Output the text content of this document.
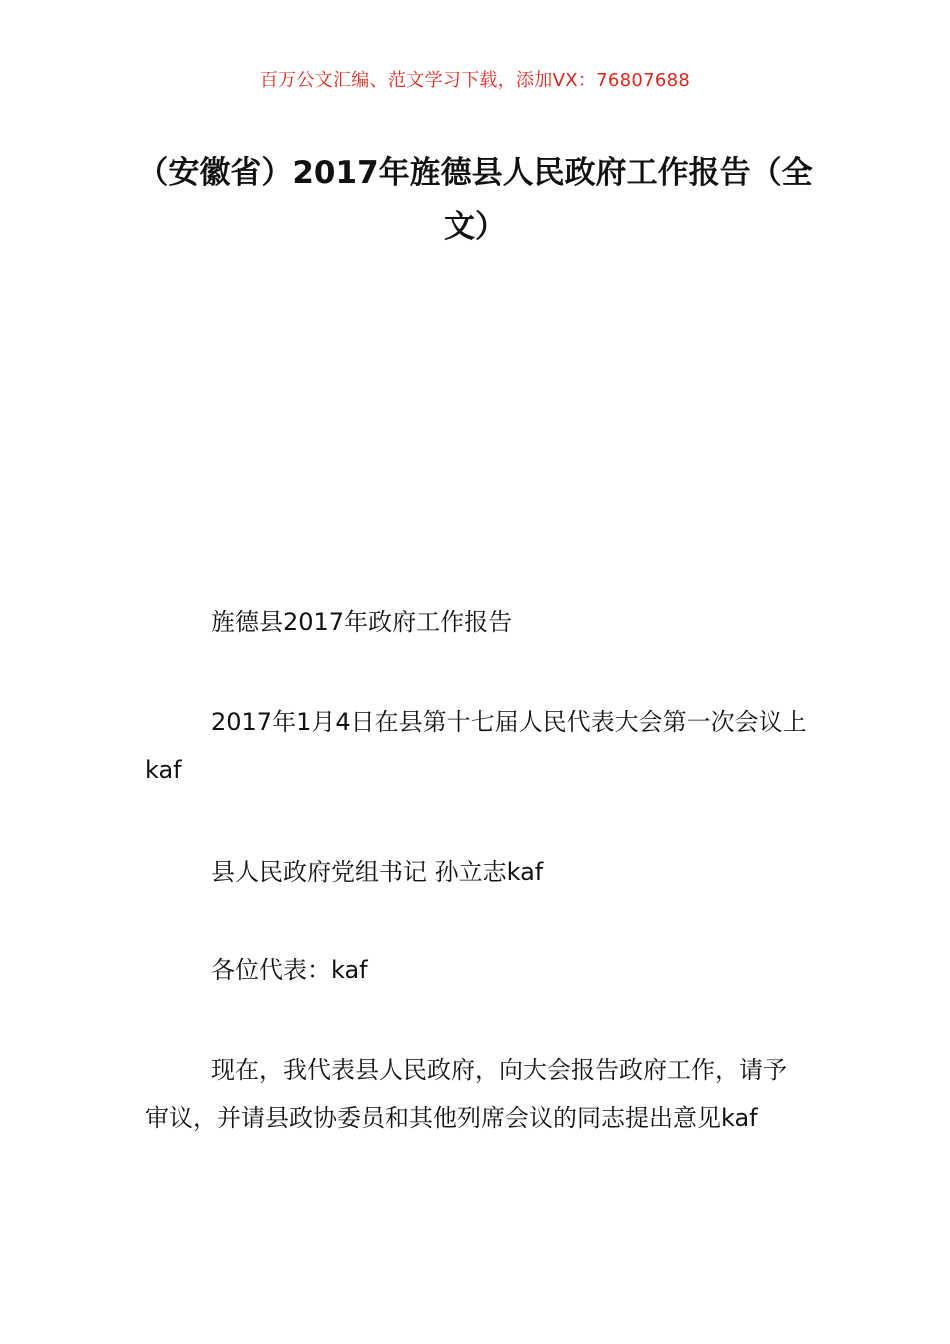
百万公文汇编、范文学习下载，添加VX：76807688
（安徽省）2017年旌德县人民政府工作报告（全文）

旌德县2017年政府工作报告

2017年1月4日在县第十七届人民代表大会第一次会议上kaf

县人民政府党组书记 孙立志kaf

各位代表：kaf

现在，我代表县人民政府，向大会报告政府工作，请予审议，并请县政协委员和其他列席会议的同志提出意见kaf
